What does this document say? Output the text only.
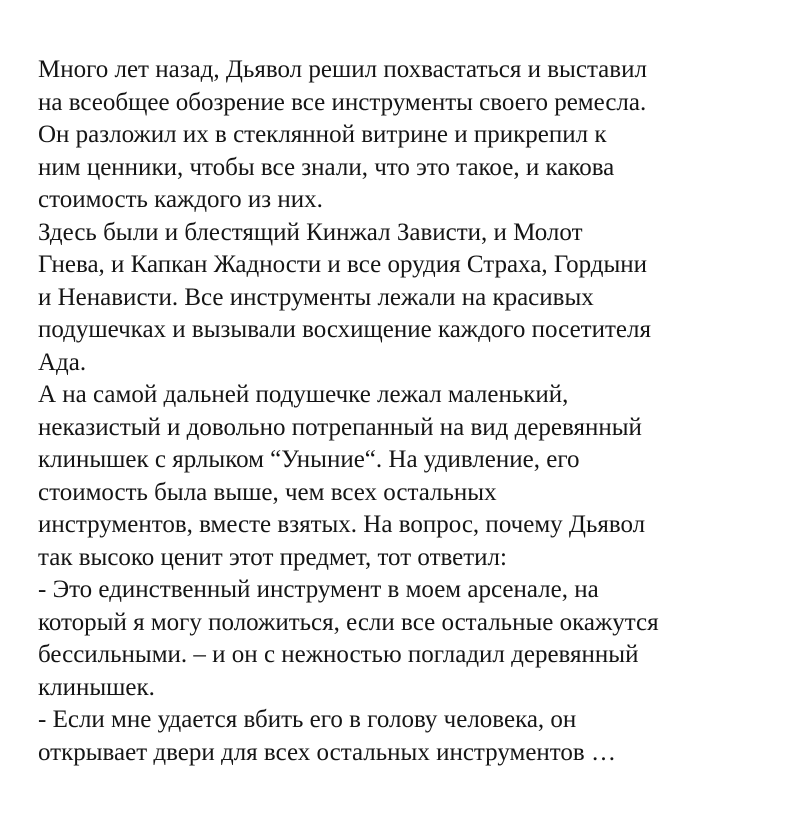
Много лет назад, Дьявол решил похвастаться и выставил
на всеобщее обозрение все инструменты своего ремесла.
Он разложил их в стеклянной витрине и прикрепил к
ним ценники, чтобы все знали, что это такое, и какова
стоимость каждого из них.
Здесь были и блестящий Кинжал Зависти, и Молот
Гнева, и Капкан Жадности и все орудия Страха, Гордыни
и Ненависти. Все инструменты лежали на красивых
подушечках и вызывали восхищение каждого посетителя
Ада.
А на самой дальней подушечке лежал маленький,
неказистый и довольно потрепанный на вид деревянный
клинышек с ярлыком “Уныние“. На удивление, его
стоимость была выше, чем всех остальных
инструментов, вместе взятых. На вопрос, почему Дьявол
так высоко ценит этот предмет, тот ответил:
- Это единственный инструмент в моем арсенале, на
который я могу положиться, если все остальные окажутся
бессильными. – и он с нежностью погладил деревянный
клинышек.
- Если мне удается вбить его в голову человека, он
открывает двери для всех остальных инструментов …
